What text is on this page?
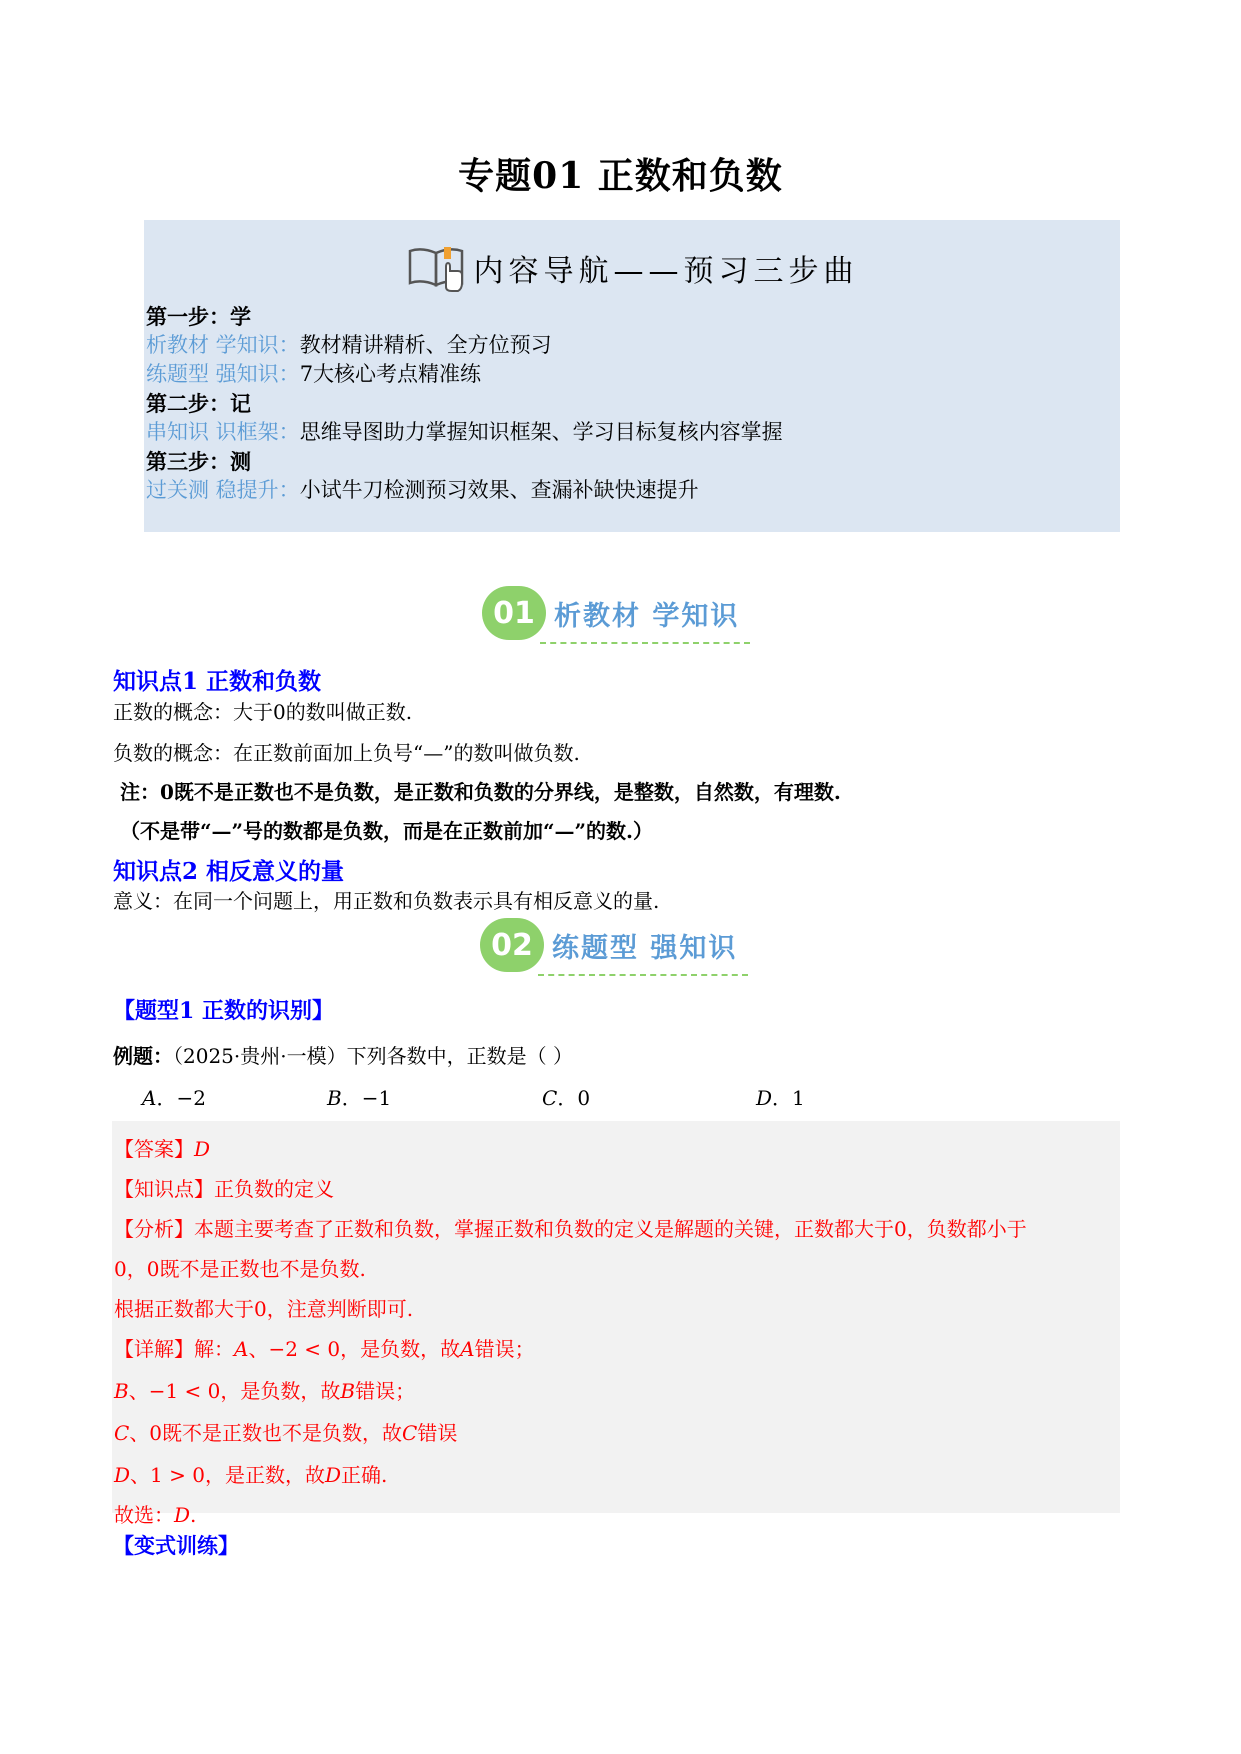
专题01 正数和负数
内容导航——预习三步曲
第一步：学
析教材 学知识：教材精讲精析、全方位预习
练题型 强知识：7大核心考点精准练
第二步：记
串知识 识框架：思维导图助力掌握知识框架、学习目标复核内容掌握
第三步：测
过关测 稳提升：小试牛刀检测预习效果、查漏补缺快速提升
01 析教材 学知识
知识点1 正数和负数
正数的概念：大于0的数叫做正数.
负数的概念：在正数前面加上负号“—”的数叫做负数.
注：0既不是正数也不是负数，是正数和负数的分界线，是整数，自然数，有理数.
（不是带“—”号的数都是负数，而是在正数前加“—”的数.）
知识点2 相反意义的量
意义：在同一个问题上，用正数和负数表示具有相反意义的量.
02 练题型 强知识
【题型1 正数的识别】
例题：（2025·贵州·一模）下列各数中，正数是（ ）
A．−2	B．−1	C．0	D．1
【答案】D
【知识点】正负数的定义
【分析】本题主要考查了正数和负数，掌握正数和负数的定义是解题的关键，正数都大于0，负数都小于
0，0既不是正数也不是负数.
根据正数都大于0，注意判断即可.
【详解】解：A、−2 < 0，是负数，故A错误；
B、−1 < 0，是负数，故B错误；
C、0既不是正数也不是负数，故C错误
D、1 > 0，是正数，故D正确.
故选：D.
【变式训练】
